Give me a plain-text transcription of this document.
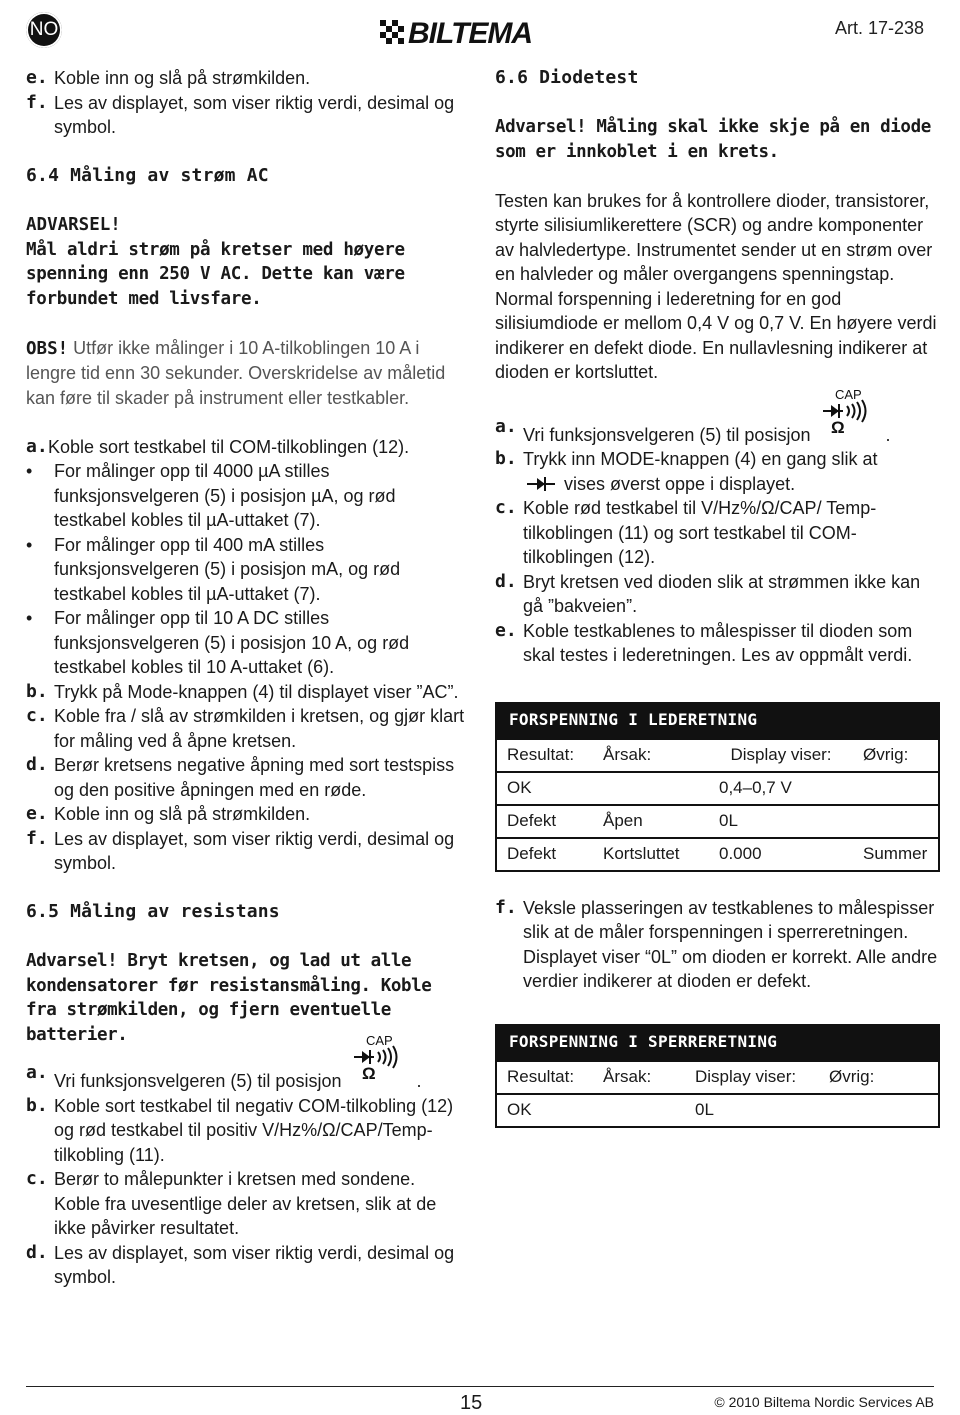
NO	BILTEMA	Art. 17-238
e. Koble inn og slå på strømkilden.
f. Les av displayet, som viser riktig verdi, desimal og symbol.

6.4 Måling av strøm AC

ADVARSEL!

Mål aldri strøm på kretser med høyere spenning enn 250 V AC. Dette kan være forbundet med livsfare.

OBS! Utfør ikke målinger i 10 A-tilkoblingen 10 A i lengre tid enn 30 sekunder. Overskridelse av måletid kan føre til skader på instrument eller testkabler.

a. Koble sort testkabel til COM-tilkoblingen (12).
•	For målinger opp til 4000 µA stilles funksjonsvelgeren (5) i posisjon µA, og rød testkabel kobles til µA-uttaket (7).
•	For målinger opp til 400 mA stilles funksjonsvelgeren (5) i posisjon mA, og rød testkabel kobles til µA-uttaket (7).
•	For målinger opp til 10 A DC stilles funksjonsvelgeren (5) i posisjon 10 A, og rød testkabel kobles til 10 A-uttaket (6).
b. Trykk på Mode-knappen (4) til displayet viser ”AC”.
c. Koble fra / slå av strømkilden i kretsen, og gjør klart for måling ved å åpne kretsen.
d. Berør kretsens negative åpning med sort testspiss og den positive åpningen med en røde.
e. Koble inn og slå på strømkilden.
f. Les av displayet, som viser riktig verdi, desimal og symbol.

6.5 Måling av resistans

Advarsel! Bryt kretsen, og lad ut alle kondensatorer før resistansmåling. Koble fra strømkilden, og fjern eventuelle batterier.

a. Vri funksjonsvelgeren (5) til posisjon
CAP
Ω .
b. Koble sort testkabel til negativ COM-tilkobling (12) og rød testkabel til positiv V/Hz%/Ω/CAP/Temp-tilkobling (11).
c. Berør to målepunkter i kretsen med sondene. Koble fra uvesentlige deler av kretsen, slik at de ikke påvirker resultatet.
d. Les av displayet, som viser riktig verdi, desimal og symbol.

6.6 Diodetest

Advarsel! Måling skal ikke skje på en diode som er innkoblet i en krets.

Testen kan brukes for å kontrollere dioder, transistorer, styrte silisiumlikerettere (SCR) og andre komponenter av halvledertype. Instrumentet sender ut en strøm over en halvleder og måler overgangens spenningstap. Normal forspenning i lederetning for en god silisiumdiode er mellom 0,4 V og 0,7 V. En høyere verdi indikerer en defekt diode. En nullavlesning indikerer at dioden er kortsluttet.

a. Vri funksjonsvelgeren (5) til posisjon
CAP
Ω .
b. Trykk inn MODE-knappen (4) en gang slik at
vises øverst oppe i displayet.
c. Koble rød testkabel til V/Hz%/Ω/CAP/ Temp-tilkoblingen (11) og sort testkabel til COM-tilkoblingen (12).
d. Bryt kretsen ved dioden slik at strømmen ikke kan gå ”bakveien”.
e. Koble testkablenes to målespisser til dioden som skal testes i lederetningen. Les av oppmålt verdi.
FORSPENNING I LEDERETNING			
Resultat:	Årsak:	Display viser:	Øvrig:
OK		0,4–0,7 V	
Defekt	Åpen	0L	
Defekt	Kortsluttet	0.000	Summer
f. Veksle plasseringen av testkablenes to målespisser slik at de måler forspenningen i sperreretningen. Displayet viser “0L” om dioden er korrekt. Alle andre verdier indikerer at dioden er defekt.
FORSPENNING I SPERRERETNING			
Resultat:	Årsak:	Display viser:	Øvrig:
OK		0L	
15	© 2010 Biltema Nordic Services AB
